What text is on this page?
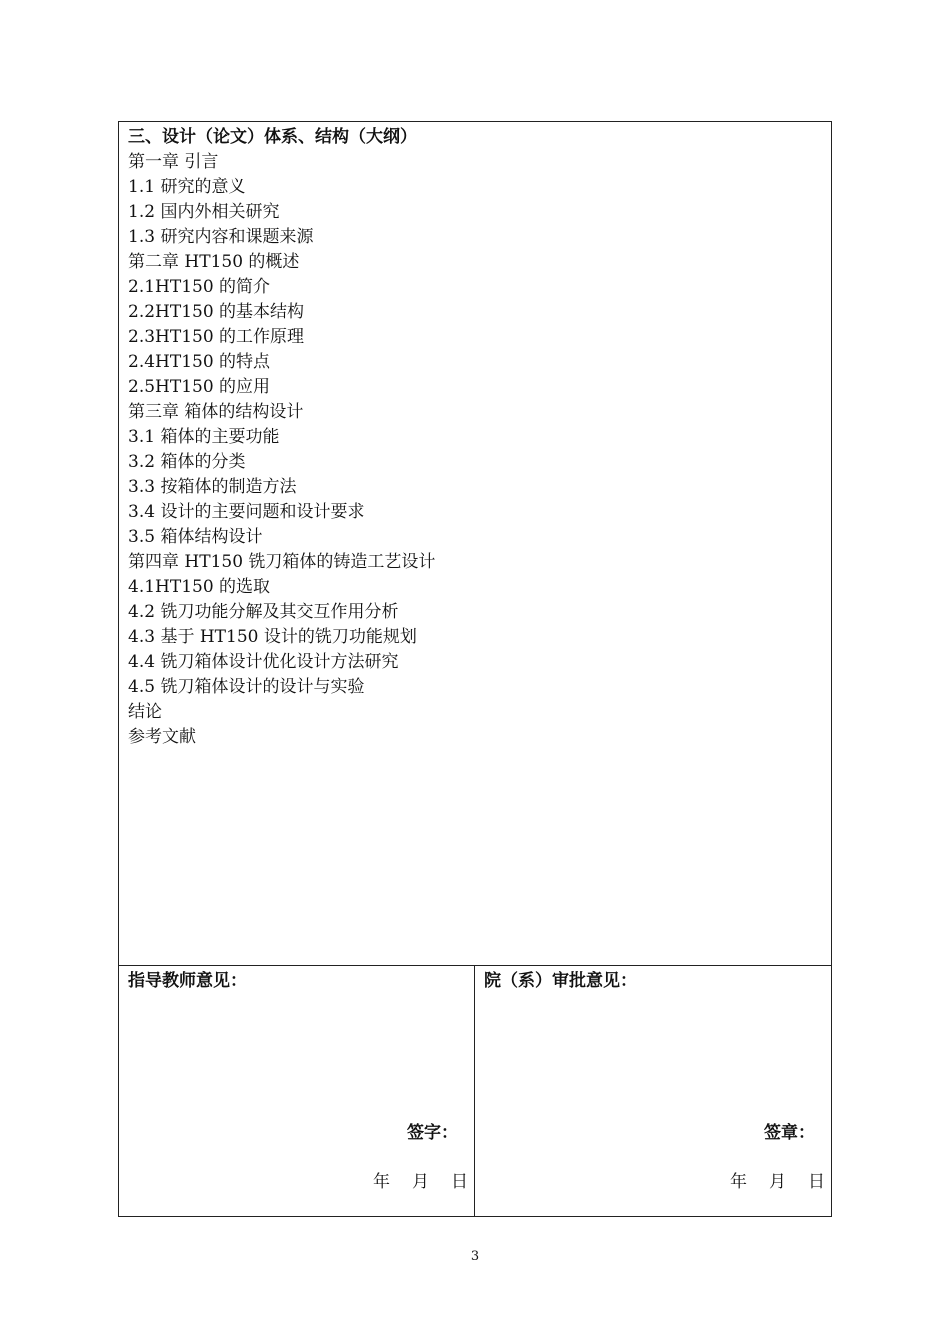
三、设计（论文）体系、结构（大纲）
第一章 引言
1.1 研究的意义
1.2 国内外相关研究
1.3 研究内容和课题来源
第二章 HT150 的概述
2.1HT150 的简介
2.2HT150 的基本结构
2.3HT150 的工作原理
2.4HT150 的特点
2.5HT150 的应用
第三章 箱体的结构设计
3.1 箱体的主要功能
3.2 箱体的分类
3.3 按箱体的制造方法
3.4 设计的主要问题和设计要求
3.5 箱体结构设计
第四章 HT150 铣刀箱体的铸造工艺设计
4.1HT150 的选取
4.2 铣刀功能分解及其交互作用分析
4.3 基于 HT150 设计的铣刀功能规划
4.4 铣刀箱体设计优化设计方法研究
4.5 铣刀箱体设计的设计与实验
结论
参考文献
指导教师意见：
签字：
年 月 日
院（系）审批意见：
签章：
年 月 日
3
